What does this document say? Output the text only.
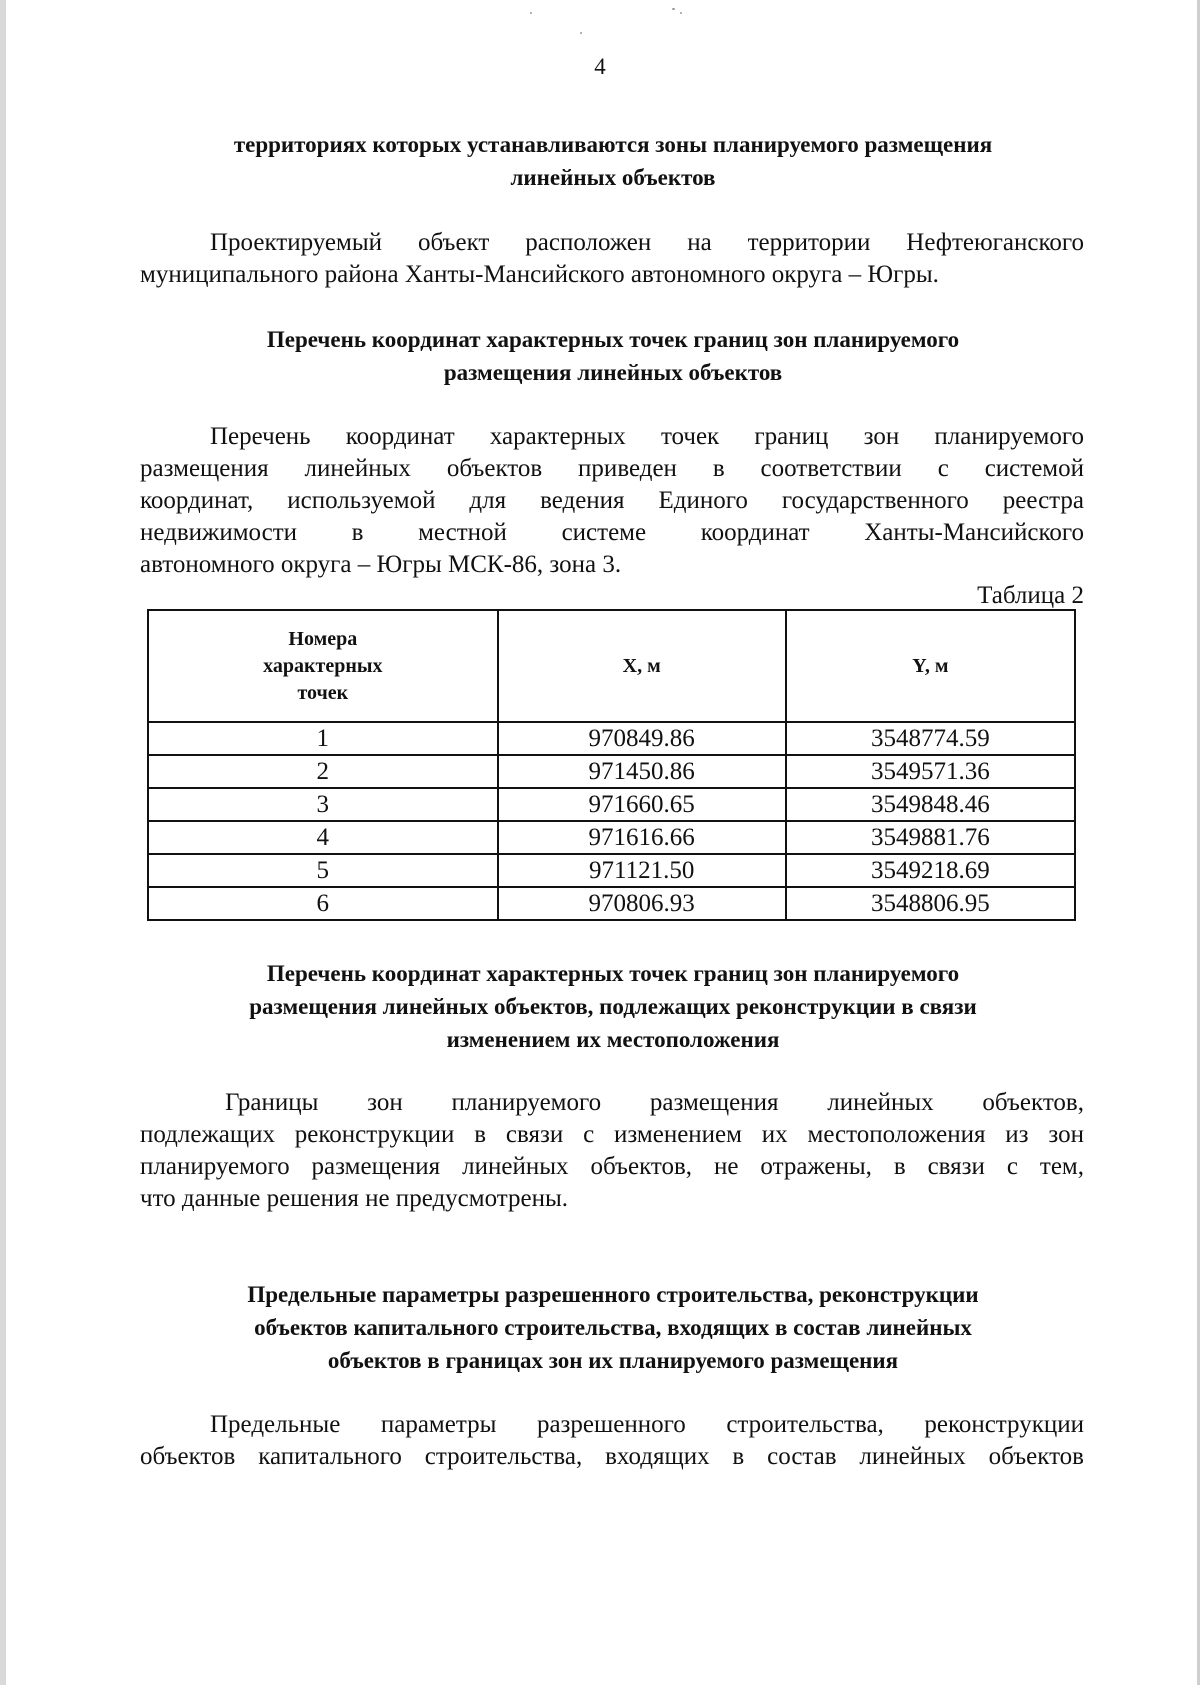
4
территориях которых устанавливаются зоны планируемого размещения
линейных объектов
Проектируемый объект расположен на территории Нефтеюганского
муниципального района Ханты-Мансийского автономного округа – Югры.
Перечень координат характерных точек границ зон планируемого
размещения линейных объектов
Перечень координат характерных точек границ зон планируемого
размещения линейных объектов приведен в соответствии с системой
координат, используемой для ведения Единого государственного реестра
недвижимости в местной системе координат Ханты-Мансийского
автономного округа – Югры МСК-86, зона 3.
Таблица 2
Номера
характерных
точек	X, м	Y, м
1	970849.86	3548774.59
2	971450.86	3549571.36
3	971660.65	3549848.46
4	971616.66	3549881.76
5	971121.50	3549218.69
6	970806.93	3548806.95
Перечень координат характерных точек границ зон планируемого
размещения линейных объектов, подлежащих реконструкции в связи
изменением их местоположения
Границы зон планируемого размещения линейных объектов,
подлежащих реконструкции в связи с изменением их местоположения из зон
планируемого размещения линейных объектов, не отражены, в связи с тем,
что данные решения не предусмотрены.
Предельные параметры разрешенного строительства, реконструкции
объектов капитального строительства, входящих в состав линейных
объектов в границах зон их планируемого размещения
Предельные параметры разрешенного строительства, реконструкции
объектов капитального строительства, входящих в состав линейных объектов
